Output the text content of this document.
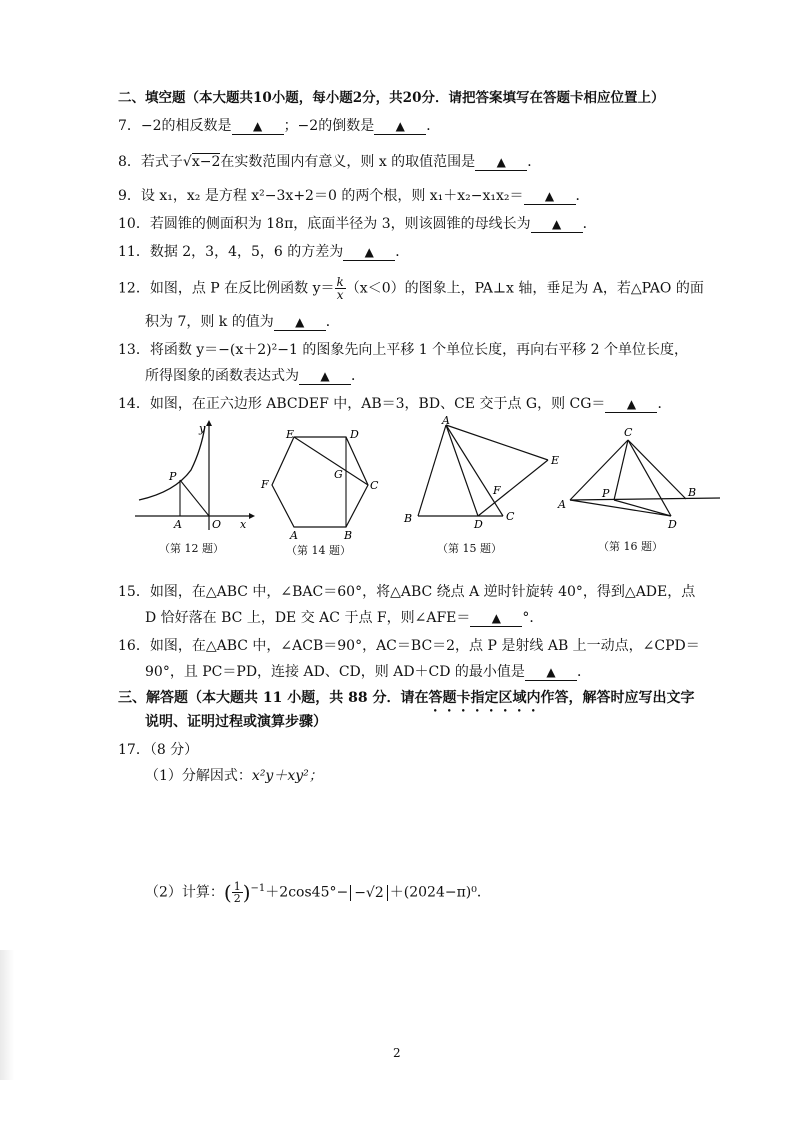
二、填空题（本大题共10小题，每小题2分，共20分．请把答案填写在答题卡相应位置上）
7．−2的相反数是 ▲ ；−2的倒数是 ▲ ．
8．若式子√x−2在实数范围内有意义，则 x 的取值范围是 ▲ ．
9．设 x₁，x₂ 是方程 x²−3x+2＝0 的两个根，则 x₁＋x₂−x₁x₂＝ ▲ ．
10．若圆锥的侧面积为 18π，底面半径为 3，则该圆锥的母线长为 ▲ ．
11．数据 2，3，4，5，6 的方差为 ▲ ．
12．如图，点 P 在反比例函数 $y= \frac{k}{x} (x<0)$的图象上，PA⊥x 轴，垂足为 A，若△PAO 的面
积为 7，则 k 的值为 ▲ ．
13．将函数 y＝−(x＋2)²−1 的图象先向上平移 1 个单位长度，再向右平移 2 个单位长度，
所得图象的函数表达式为 ▲ ．
14．如图，在正六边形 ABCDEF 中，AB＝3，BD、CE 交于点 G，则 CG＝ ▲ ．
P
A	O
y
x
（第 12 题）
E	D
C
F
G
A	B
（第 14 题）
A
B	C
D
E
F
（第 15 题）
C
A
P	B
D
（第 16 题）
15．如图，在△ABC 中，∠BAC＝60°，将△ABC 绕点 A 逆时针旋转 40°，得到△ADE，点
D 恰好落在 BC 上，DE 交 AC 于点 F，则∠AFE＝ ▲ °．
16．如图，在△ABC 中，∠ACB＝90°，AC＝BC＝2，点 P 是射线 AB 上一动点，∠CPD＝
90°，且 PC＝PD，连接 AD、CD，则 AD＋CD 的最小值是 ▲ ．
三、解答题（本大题共 11 小题，共 88 分．请在答题卡指定区域内作答，解答时应写出文字
说明、证明过程或演算步骤）
17．（8 分）
（1）分解因式：x²y＋xy²；
（2）计算：( $\frac{1}{2} )^{-1}+2\cos 45^\circ- -√2 +(2024-\pi)^0$．
2
